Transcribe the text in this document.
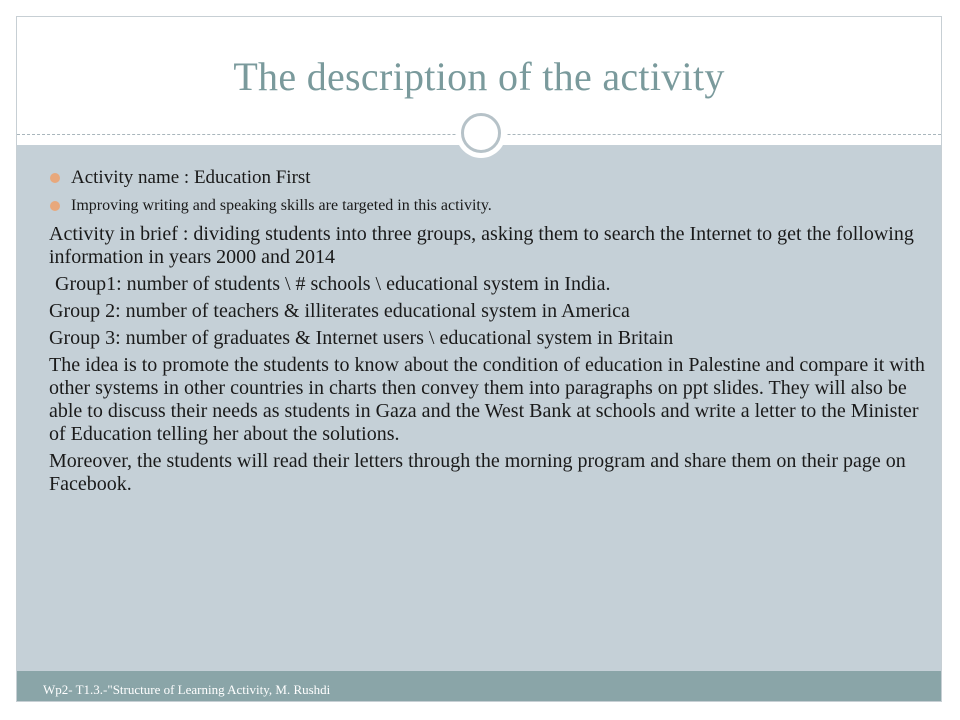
The description of the activity
Activity name : Education First
Improving writing and speaking skills are targeted in this activity.
Activity in brief : dividing students into three groups, asking them to search the Internet to get the following information in years 2000 and 2014
Group1: number of students \ # schools \ educational system in India.
Group 2: number of teachers & illiterates educational system in America
Group 3: number of graduates & Internet users \ educational system in Britain
The idea is to promote the students to know about the condition of education in Palestine and compare it with other systems in other countries in charts then convey them into paragraphs on ppt slides. They will also be able to discuss their needs as students in Gaza and the West Bank at schools and write a letter to the Minister of Education telling her about the solutions.
Moreover, the students will read their letters through the morning program and share them on their page on Facebook.
Wp2- T1.3.-"Structure of Learning Activity, M. Rushdi
